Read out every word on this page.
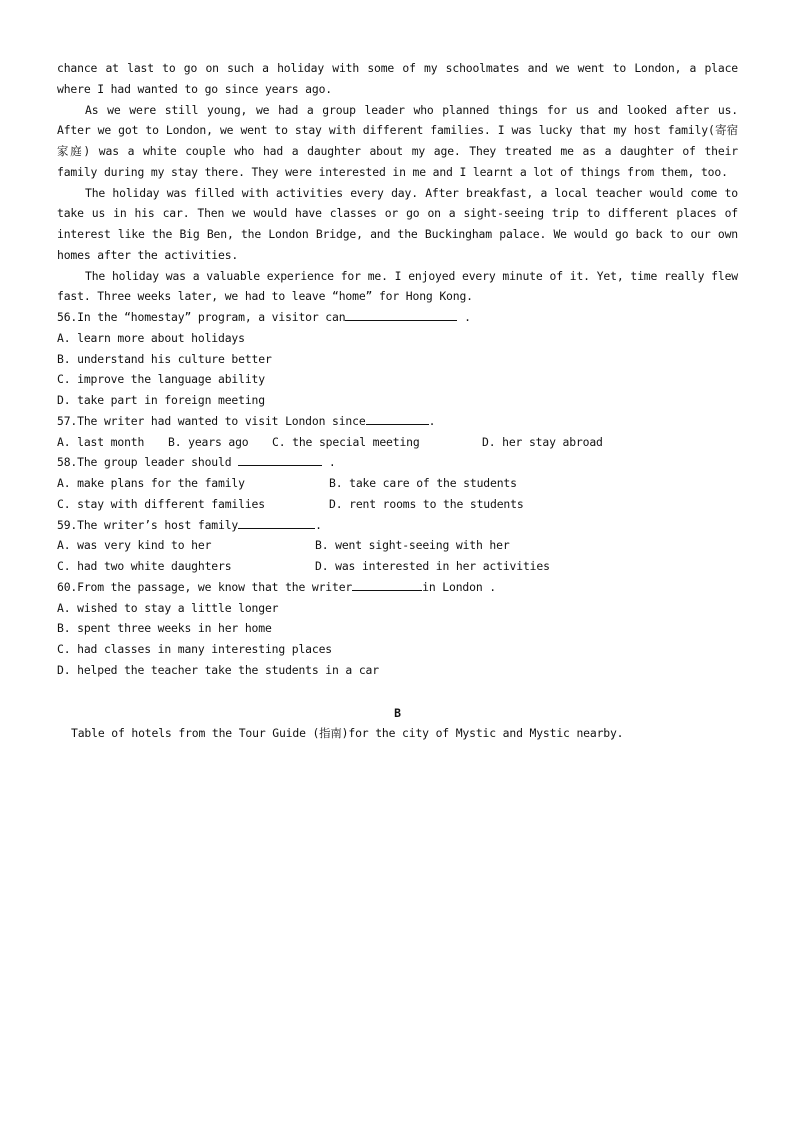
chance at last to go on such a holiday with some of my schoolmates and we went to London, a place where I had wanted to go since years ago.
As we were still young, we had a group leader who planned things for us and looked after us. After we got to London, we went to stay with different families. I was lucky that my host family(寄宿家庭) was a white couple who had a daughter about my age. They treated me as a daughter of their family during my stay there. They were interested in me and I learnt a lot of things from them, too.
The holiday was filled with activities every day. After breakfast, a local teacher would come to take us in his car. Then we would have classes or go on a sight-seeing trip to different places of interest like the Big Ben, the London Bridge, and the Buckingham palace. We would go back to our own homes after the activities.
The holiday was a valuable experience for me. I enjoyed every minute of it. Yet, time really flew fast. Three weeks later, we had to leave “home” for Hong Kong.
56.In the “homestay” program, a visitor can	.
A. learn more about holidays
B. understand his culture better
C. improve the language ability
D. take part in foreign meeting
57.The writer had wanted to visit London since	.
A. last month	B. years ago	C. the special meeting	D. her stay abroad
58.The group leader should	.
A. make plans for the family	B. take care of the students
C. stay with different families	D. rent rooms to the students
59.The writer’s host family	.
A. was very kind to her	B. went sight-seeing with her
C. had two white daughters	D. was interested in her activities
60.From the passage, we know that the writer	in London .
A. wished to stay a little longer
B. spent three weeks in her home
C. had classes in many interesting places
D. helped the teacher take the students in a car
B
Table of hotels from the Tour Guide (指南)for the city of Mystic and Mystic nearby.
